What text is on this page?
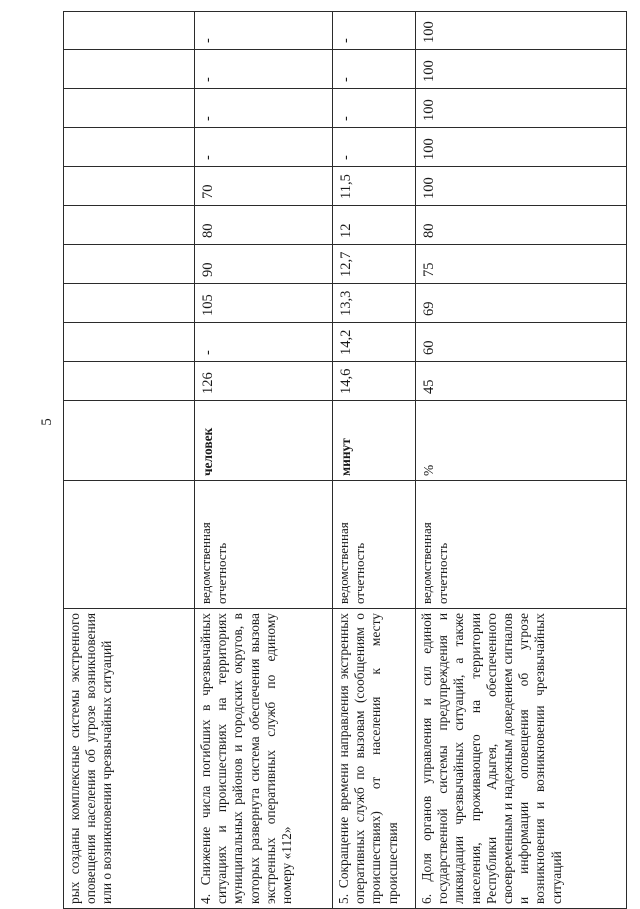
5
рых созданы комплексные системы экстренного оповещения населения об угрозе возникновения или о возникновении чрезвычайных ситуаций												
4. Снижение числа погибших в чрезвычайных ситуациях и происшествиях на территориях муниципальных районов и городских округов, в которых развернута система обеспечения вызова экстренных оперативных служб по единому номеру «112»	ведомственная отчетность	человек	126	-	105	90	80	70	-	-	-	-
5. Сокращение времени направления экстренных оперативных служб по вызовам (сообщениям о происшествиях) от населения к месту происшествия	ведомственная отчетность	минут	14,6	14,2	13,3	12,7	12	11,5	-	-	-	-
6. Доля органов управления и сил единой государственной системы предупреждения и ликвидации чрезвычайных ситуаций, а также населения, проживающего на территории Республики Адыгея, обеспеченного своевременным и надежным доведением сигналов и информации оповещения об угрозе возникновения и возникновении чрезвычайных ситуаций	ведомственная отчетность	%	45	60	69	75	80	100	100	100	100	100
